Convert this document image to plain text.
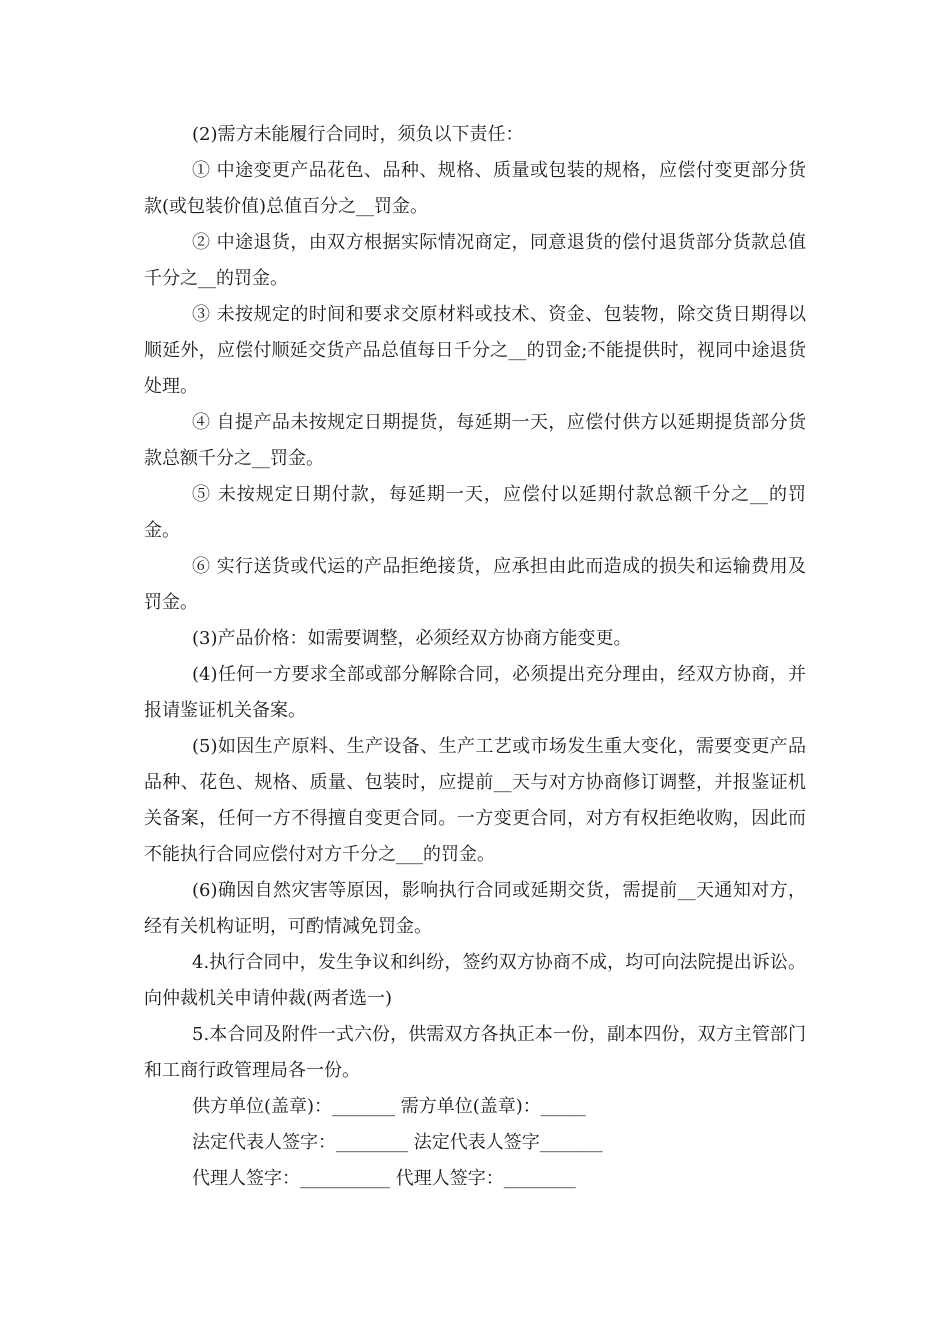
(2)需方未能履行合同时，须负以下责任：

① 中途变更产品花色、品种、规格、质量或包装的规格，应偿付变更部分货款(或包装价值)总值百分之__罚金。

② 中途退货，由双方根据实际情况商定，同意退货的偿付退货部分货款总值千分之__的罚金。

③ 未按规定的时间和要求交原材料或技术、资金、包装物，除交货日期得以顺延外，应偿付顺延交货产品总值每日千分之__的罚金;不能提供时，视同中途退货处理。

④ 自提产品未按规定日期提货，每延期一天，应偿付供方以延期提货部分货款总额千分之__罚金。

⑤ 未按规定日期付款，每延期一天，应偿付以延期付款总额千分之__的罚金。

⑥ 实行送货或代运的产品拒绝接货，应承担由此而造成的损失和运输费用及罚金。

(3)产品价格：如需要调整，必须经双方协商方能变更。

(4)任何一方要求全部或部分解除合同，必须提出充分理由，经双方协商，并报请鉴证机关备案。

(5)如因生产原料、生产设备、生产工艺或市场发生重大变化，需要变更产品品种、花色、规格、质量、包装时，应提前__天与对方协商修订调整，并报鉴证机关备案，任何一方不得擅自变更合同。一方变更合同，对方有权拒绝收购，因此而不能执行合同应偿付对方千分之___的罚金。

(6)确因自然灾害等原因，影响执行合同或延期交货，需提前__天通知对方，经有关机构证明，可酌情减免罚金。

4.执行合同中，发生争议和纠纷，签约双方协商不成，均可向法院提出诉讼。向仲裁机关申请仲裁(两者选一)

5.本合同及附件一式六份，供需双方各执正本一份，副本四份，双方主管部门和工商行政管理局各一份。

供方单位(盖章)：_______ 需方单位(盖章)：_____

法定代表人签字：________ 法定代表人签字_______

代理人签字：__________ 代理人签字：________
